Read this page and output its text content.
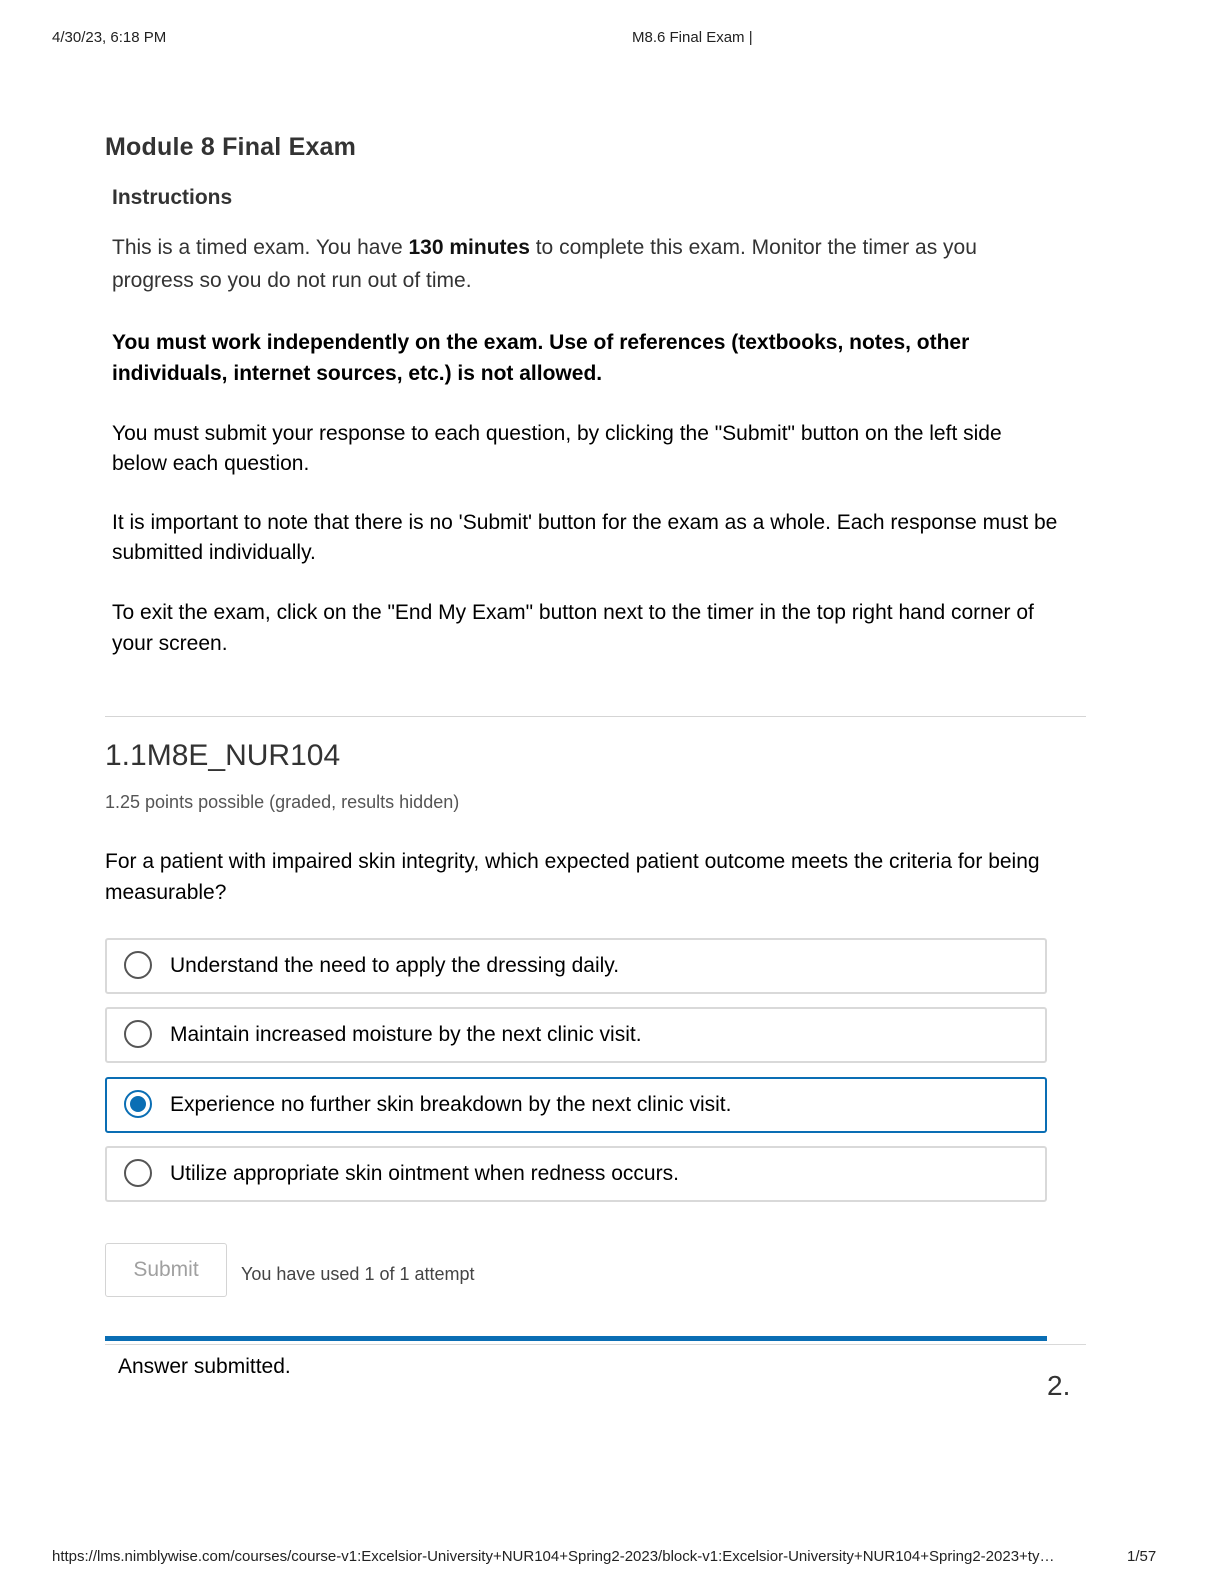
4/30/23, 6:18 PM	M8.6 Final Exam |
Module 8 Final Exam
Instructions
This is a timed exam. You have 130 minutes to complete this exam. Monitor the timer as you progress so you do not run out of time.
You must work independently on the exam. Use of references (textbooks, notes, other individuals, internet sources, etc.) is not allowed.
You must submit your response to each question, by clicking the "Submit" button on the left side below each question.
It is important to note that there is no 'Submit' button for the exam as a whole. Each response must be submitted individually.
To exit the exam, click on the "End My Exam" button next to the timer in the top right hand corner of your screen.
1.1M8E_NUR104
1.25 points possible (graded, results hidden)
For a patient with impaired skin integrity, which expected patient outcome meets the criteria for being measurable?
Understand the need to apply the dressing daily.
Maintain increased moisture by the next clinic visit.
Experience no further skin breakdown by the next clinic visit.
Utilize appropriate skin ointment when redness occurs.
Submit	You have used 1 of 1 attempt
Answer submitted.
2.
https://lms.nimblywise.com/courses/course-v1:Excelsior-University+NUR104+Spring2-2023/block-v1:Excelsior-University+NUR104+Spring2-2023+ty…	1/57
